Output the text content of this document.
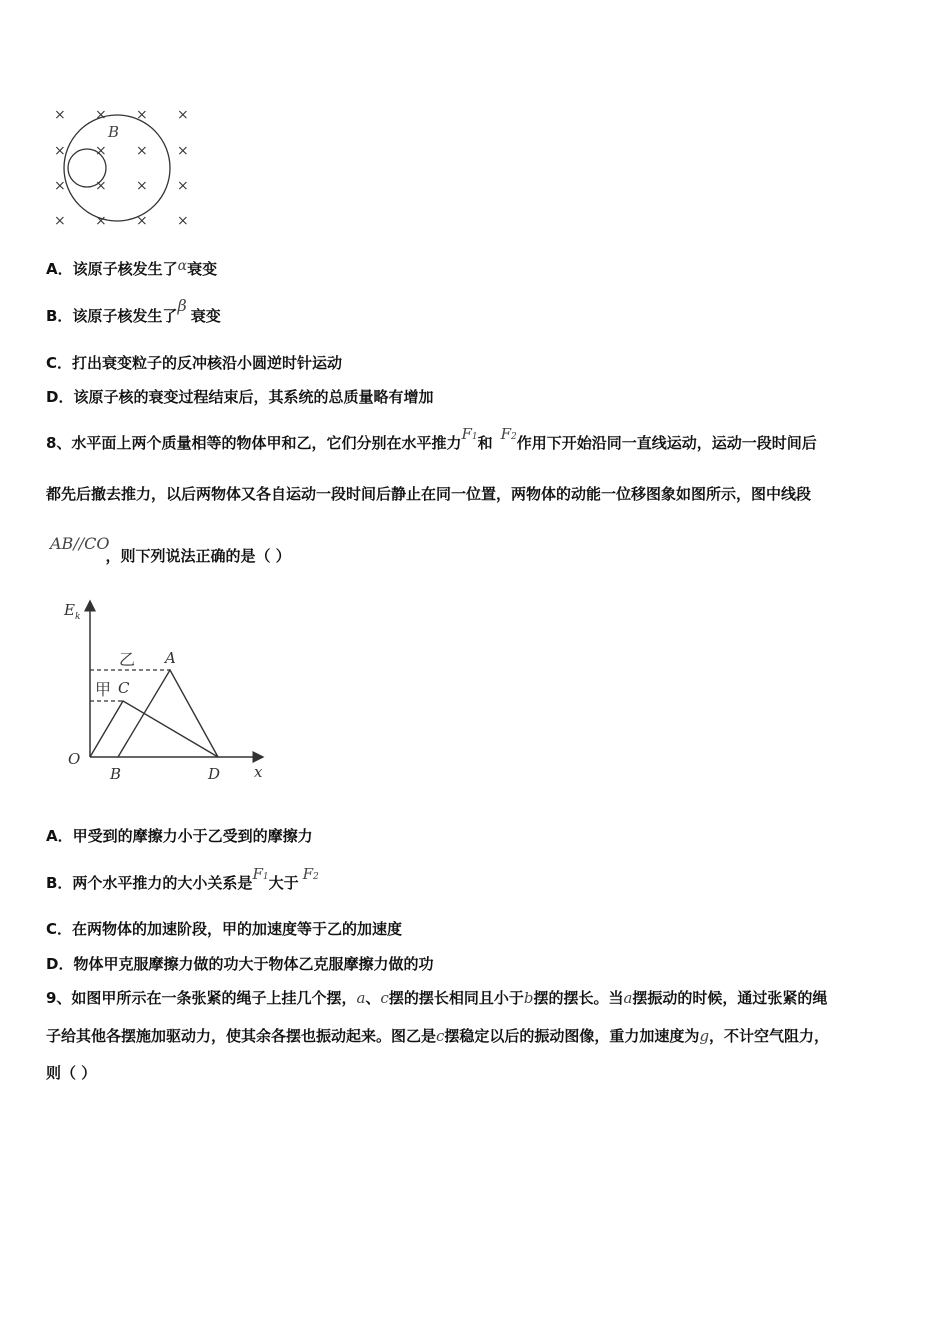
× × × ×
× × × ×
× × × ×
× × × ×
B
A．该原子核发生了α衰变
B．该原子核发生了β衰变
C．打出衰变粒子的反冲核沿小圆逆时针运动
D．该原子核的衰变过程结束后，其系统的总质量略有增加
8、水平面上两个质量相等的物体甲和乙，它们分别在水平推力F1和 F2作用下开始沿同一直线运动，运动一段时间后
都先后撤去推力，以后两物体又各自运动一段时间后静止在同一位置，两物体的动能一位移图象如图所示，图中线段
AB//CO，则下列说法正确的是（ ）
$E_k$
x
O
乙
甲
A
C
B	D
A．甲受到的摩擦力小于乙受到的摩擦力
B．两个水平推力的大小关系是F1大于 F2
C．在两物体的加速阶段，甲的加速度等于乙的加速度
D．物体甲克服摩擦力做的功大于物体乙克服摩擦力做的功
9、如图甲所示在一条张紧的绳子上挂几个摆，a、c摆的摆长相同且小于b摆的摆长。当a摆振动的时候，通过张紧的绳
子给其他各摆施加驱动力，使其余各摆也振动起来。图乙是c摆稳定以后的振动图像，重力加速度为g，不计空气阻力，
则（ ）
